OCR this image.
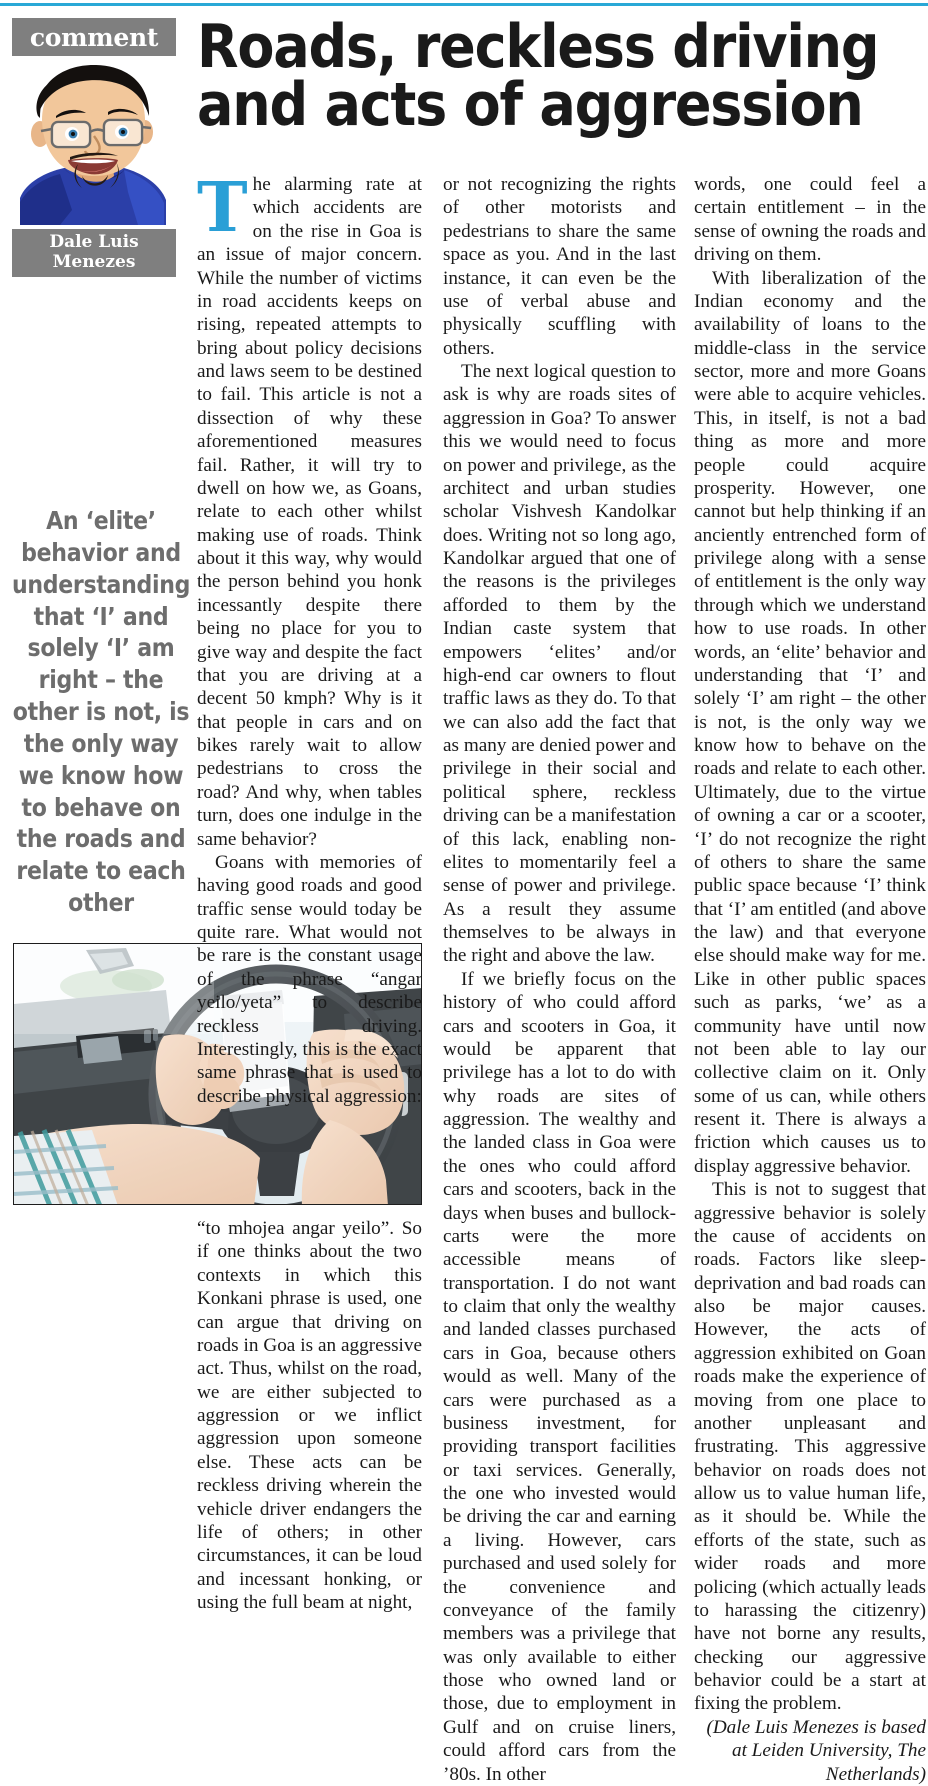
comment
Dale Luis Menezes
Roads, reckless driving and acts of aggression
An ‘elite’ behavior and understanding that ‘I’ and solely ‘I’ am right – the other is not, is the only way we know how to behave on the roads and relate to each other

The alarming rate at which accidents are on the rise in Goa is an issue of major concern. While the number of victims in road accidents keeps on rising, repeated attempts to bring about policy decisions and laws seem to be destined to fail. This article is not a dissection of why these aforementioned measures fail. Rather, it will try to dwell on how we, as Goans, relate to each other whilst making use of roads. Think about it this way, why would the person behind you honk incessantly despite there being no place for you to give way and despite the fact that you are driving at a decent 50 kmph? Why is it that people in cars and on bikes rarely wait to allow pedestrians to cross the road? And why, when tables turn, does one indulge in the same behavior?

Goans with memories of having good roads and good traffic sense would today be quite rare. What would not be rare is the constant usage of the phrase “angar yeilo/yeta” to describe reckless driving. Interestingly, this is the exact same phrase that is used to describe physical aggression:

“to mhojea angar yeilo”. So if one thinks about the two contexts in which this Konkani phrase is used, one can argue that driving on roads in Goa is an aggressive act. Thus, whilst on the road, we are either subjected to aggression or we inflict aggression upon someone else. These acts can be reckless driving wherein the vehicle driver endangers the life of others; in other circumstances, it can be loud and incessant honking, or using the full beam at night,

or not recognizing the rights of other motorists and pedestrians to share the same space as you. And in the last instance, it can even be the use of verbal abuse and physically scuffling with others.

The next logical question to ask is why are roads sites of aggression in Goa? To answer this we would need to focus on power and privilege, as the architect and urban studies scholar Vishvesh Kandolkar does. Writing not so long ago, Kandolkar argued that one of the reasons is the privileges afforded to them by the Indian caste system that empowers ‘elites’ and/or high-end car owners to flout traffic laws as they do. To that we can also add the fact that as many are denied power and privilege in their social and political sphere, reckless driving can be a manifestation of this lack, enabling non-elites to momentarily feel a sense of power and privilege. As a result they assume themselves to be always in the right and above the law.

If we briefly focus on the history of who could afford cars and scooters in Goa, it would be apparent that privilege has a lot to do with why roads are sites of aggression. The wealthy and the landed class in Goa were the ones who could afford cars and scooters, back in the days when buses and bullock-carts were the more accessible means of transportation. I do not want to claim that only the wealthy and landed classes purchased cars in Goa, because others would as well. Many of the cars were purchased as a business investment, for providing transport facilities or taxi services. Generally, the one who invested would be driving the car and earning a living. However, cars purchased and used solely for the convenience and conveyance of the family members was a privilege that was only available to either those who owned land or those, due to employment in Gulf and on cruise liners, could afford cars from the ’80s. In other

words, one could feel a certain entitlement – in the sense of owning the roads and driving on them.

With liberalization of the Indian economy and the availability of loans to the middle-class in the service sector, more and more Goans were able to acquire vehicles. This, in itself, is not a bad thing as more and more people could acquire prosperity. However, one cannot but help thinking if an anciently entrenched form of privilege along with a sense of entitlement is the only way through which we understand how to use roads. In other words, an ‘elite’ behavior and understanding that ‘I’ and solely ‘I’ am right – the other is not, is the only way we know how to behave on the roads and relate to each other. Ultimately, due to the virtue of owning a car or a scooter, ‘I’ do not recognize the right of others to share the same public space because ‘I’ think that ‘I’ am entitled (and above the law) and that everyone else should make way for me. Like in other public spaces such as parks, ‘we’ as a community have until now not been able to lay our collective claim on it. Only some of us can, while others resent it. There is always a friction which causes us to display aggressive behavior.

This is not to suggest that aggressive behavior is solely the cause of accidents on roads. Factors like sleep-deprivation and bad roads can also be major causes. However, the acts of aggression exhibited on Goan roads make the experience of moving from one place to another unpleasant and frustrating. This aggressive behavior on roads does not allow us to value human life, as it should be. While the efforts of the state, such as wider roads and more policing (which actually leads to harassing the citizenry) have not borne any results, checking our aggressive behavior could be a start at fixing the problem.

(Dale Luis Menezes is based at Leiden University, The Netherlands)
